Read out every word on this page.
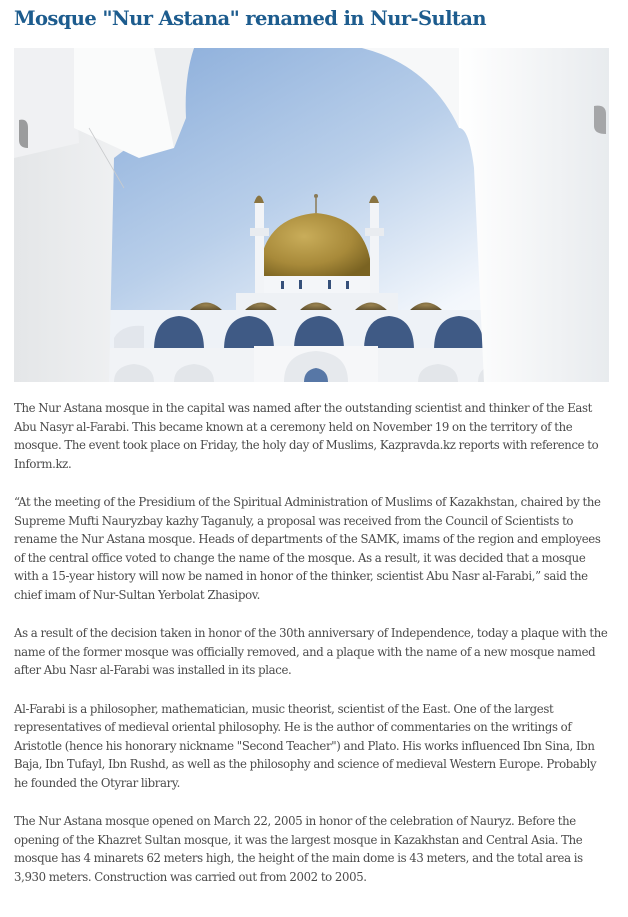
Mosque "Nur Astana" renamed in Nur-Sultan

The Nur Astana mosque in the capital was named after the outstanding scientist and thinker of the East Abu Nasyr al-Farabi. This became known at a ceremony held on November 19 on the territory of the mosque. The event took place on Friday, the holy day of Muslims, Kazpravda.kz reports with reference to Inform.kz.

“At the meeting of the Presidium of the Spiritual Administration of Muslims of Kazakhstan, chaired by the Supreme Mufti Nauryzbay kazhy Taganuly, a proposal was received from the Council of Scientists to rename the Nur Astana mosque. Heads of departments of the SAMK, imams of the region and employees of the central office voted to change the name of the mosque. As a result, it was decided that a mosque with a 15-year history will now be named in honor of the thinker, scientist Abu Nasr al-Farabi,” said the chief imam of Nur-Sultan Yerbolat Zhasipov.

As a result of the decision taken in honor of the 30th anniversary of Independence, today a plaque with the name of the former mosque was officially removed, and a plaque with the name of a new mosque named after Abu Nasr al-Farabi was installed in its place.

Al-Farabi is a philosopher, mathematician, music theorist, scientist of the East. One of the largest representatives of medieval oriental philosophy. He is the author of commentaries on the writings of Aristotle (hence his honorary nickname "Second Teacher") and Plato. His works influenced Ibn Sina, Ibn Baja, Ibn Tufayl, Ibn Rushd, as well as the philosophy and science of medieval Western Europe. Probably he founded the Otyrar library.

The Nur Astana mosque opened on March 22, 2005 in honor of the celebration of Nauryz. Before the opening of the Khazret Sultan mosque, it was the largest mosque in Kazakhstan and Central Asia. The mosque has 4 minarets 62 meters high, the height of the main dome is 43 meters, and the total area is 3,930 meters. Construction was carried out from 2002 to 2005.
